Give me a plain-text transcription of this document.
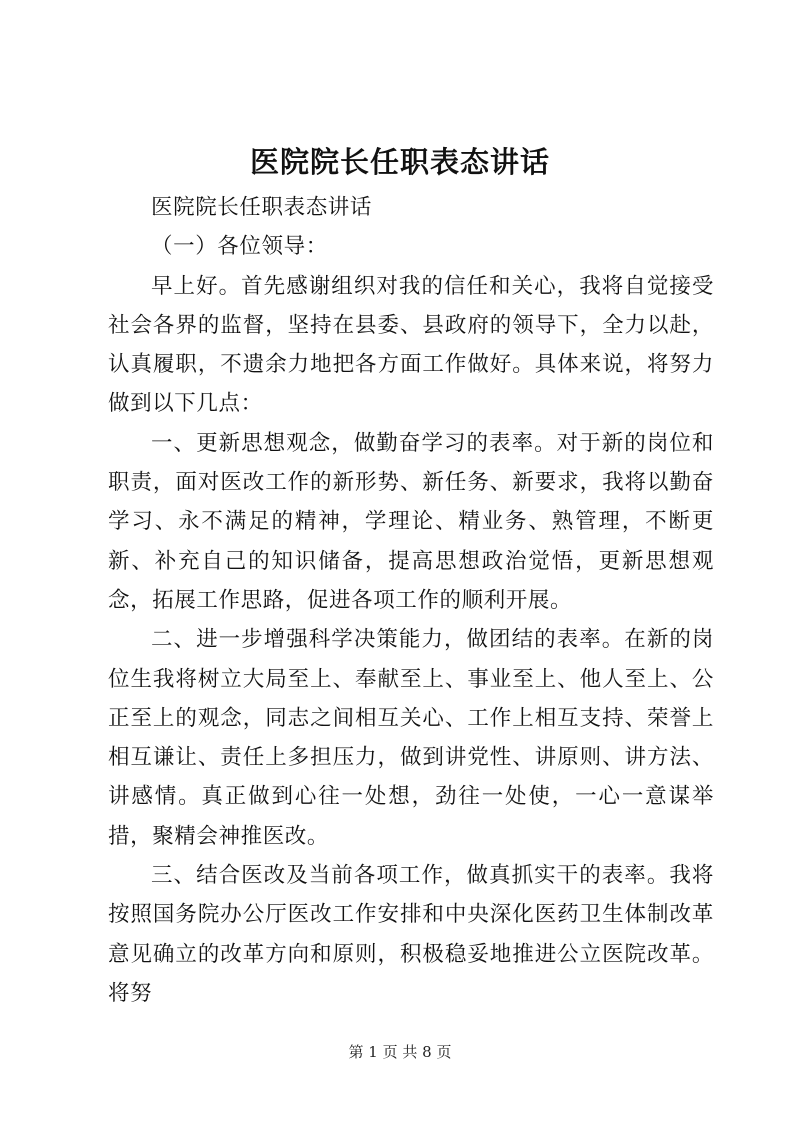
医院院长任职表态讲话

医院院长任职表态讲话

（一）各位领导：

早上好。首先感谢组织对我的信任和关心，我将自觉接受社会各界的监督，坚持在县委、县政府的领导下，全力以赴，认真履职，不遗余力地把各方面工作做好。具体来说，将努力做到以下几点：

一、更新思想观念，做勤奋学习的表率。对于新的岗位和职责，面对医改工作的新形势、新任务、新要求，我将以勤奋学习、永不满足的精神，学理论、精业务、熟管理，不断更新、补充自己的知识储备，提高思想政治觉悟，更新思想观念，拓展工作思路，促进各项工作的顺利开展。

二、进一步增强科学决策能力，做团结的表率。在新的岗位生我将树立大局至上、奉献至上、事业至上、他人至上、公正至上的观念，同志之间相互关心、工作上相互支持、荣誉上相互谦让、责任上多担压力，做到讲党性、讲原则、讲方法、讲感情。真正做到心往一处想，劲往一处使，一心一意谋举措，聚精会神推医改。

三、结合医改及当前各项工作，做真抓实干的表率。我将按照国务院办公厅医改工作安排和中央深化医药卫生体制改革意见确立的改革方向和原则，积极稳妥地推进公立医院改革。将努

第 1 页 共 8 页
